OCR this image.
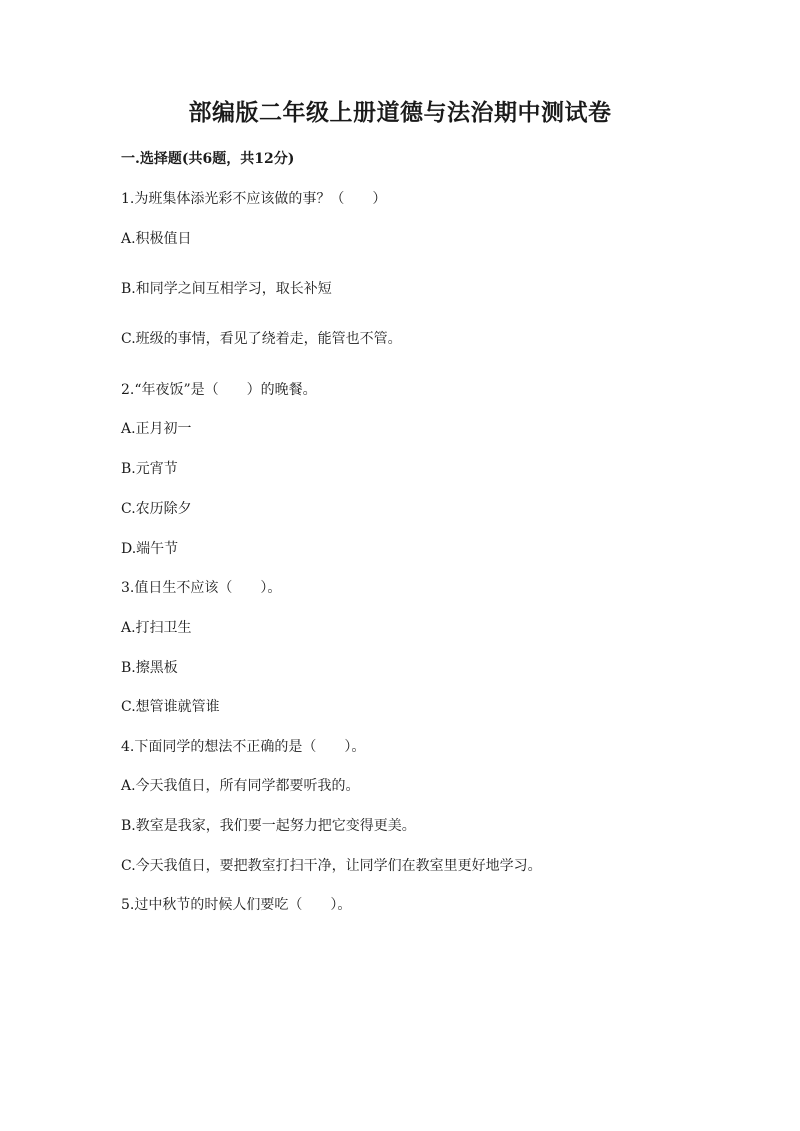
部编版二年级上册道德与法治期中测试卷
一.选择题(共6题，共12分)
1.为班集体添光彩不应该做的事？（　　）
A.积极值日
B.和同学之间互相学习，取长补短
C.班级的事情，看见了绕着走，能管也不管。
2.“年夜饭”是（　　）的晚餐。
A.正月初一
B.元宵节
C.农历除夕
D.端午节
3.值日生不应该（　　）。
A.打扫卫生
B.擦黑板
C.想管谁就管谁
4.下面同学的想法不正确的是（　　）。
A.今天我值日，所有同学都要听我的。
B.教室是我家，我们要一起努力把它变得更美。
C.今天我值日，要把教室打扫干净，让同学们在教室里更好地学习。
5.过中秋节的时候人们要吃（　　）。
